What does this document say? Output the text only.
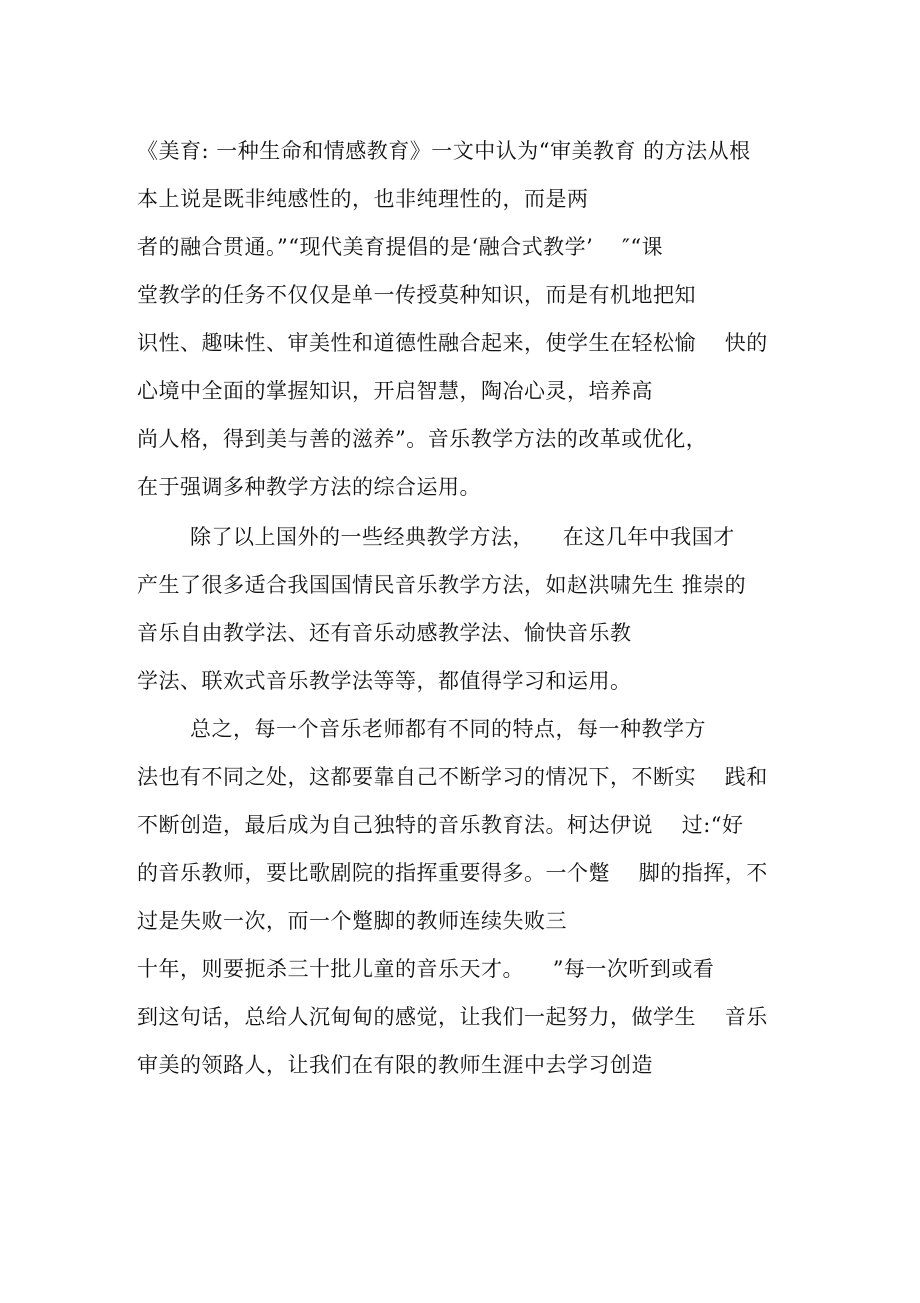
《美育: 一种生命和情感教育》一文中认为“审美教育 的方法从根
本上说是既非纯感性的，也非纯理性的，而是两
者的融合贯通。”“现代美育提倡的是‘融合式教学’    ″“课
堂教学的任务不仅仅是单一传授莫种知识，而是有机地把知
识性、趣味性、审美性和道德性融合起来，使学生在轻松愉    快的
心境中全面的掌握知识，开启智慧，陶冶心灵，培养高
尚人格，得到美与善的滋养”。音乐教学方法的改革或优化，
在于强调多种教学方法的综合运用。
除了以上国外的一些经典教学方法，    在这几年中我国才
产生了很多适合我国国情民音乐教学方法，如赵洪啸先生 推崇的
音乐自由教学法、还有音乐动感教学法、愉快音乐教
学法、联欢式音乐教学法等等，都值得学习和运用。
总之，每一个音乐老师都有不同的特点，每一种教学方
法也有不同之处，这都要靠自己不断学习的情况下，不断实    践和
不断创造，最后成为自己独特的音乐教育法。柯达伊说    过:“好
的音乐教师，要比歌剧院的指挥重要得多。一个蹩    脚的指挥，不
过是失败一次，而一个蹩脚的教师连续失败三
十年，则要扼杀三十批儿童的音乐天才。    ”每一次听到或看
到这句话，总给人沉甸甸的感觉，让我们一起努力，做学生    音乐
审美的领路人，让我们在有限的教师生涯中去学习创造
